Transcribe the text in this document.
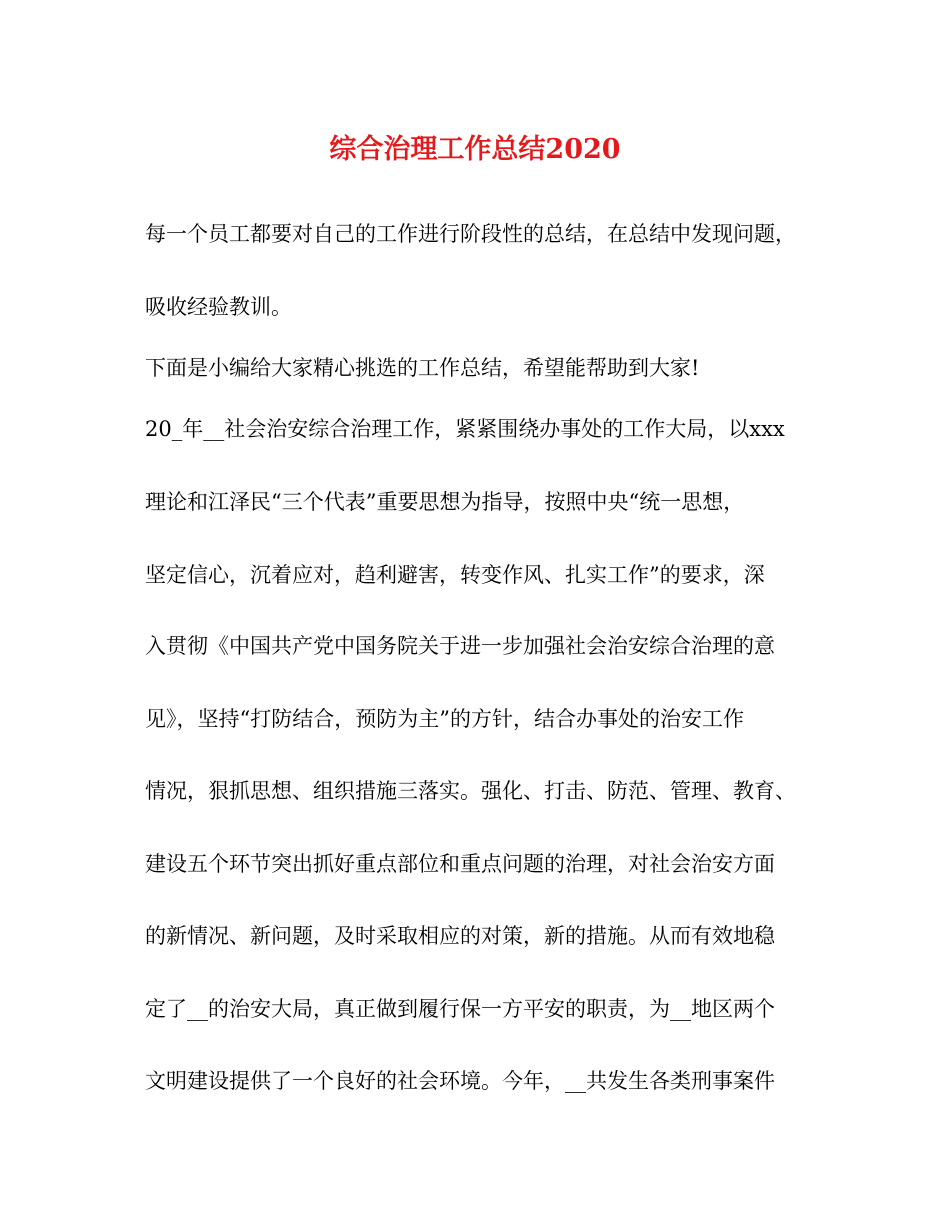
综合治理工作总结2020
每一个员工都要对自己的工作进行阶段性的总结，在总结中发现问题，
吸收经验教训。
下面是小编给大家精心挑选的工作总结，希望能帮助到大家!
20_年__社会治安综合治理工作，紧紧围绕办事处的工作大局，以xxx
理论和江泽民“三个代表”重要思想为指导，按照中央“统一思想，
坚定信心，沉着应对，趋利避害，转变作风、扎实工作”的要求，深
入贯彻《中国共产党中国务院关于进一步加强社会治安综合治理的意
见》，坚持“打防结合，预防为主”的方针，结合办事处的治安工作
情况，狠抓思想、组织措施三落实。强化、打击、防范、管理、教育、
建设五个环节突出抓好重点部位和重点问题的治理，对社会治安方面
的新情况、新问题，及时采取相应的对策，新的措施。从而有效地稳
定了__的治安大局，真正做到履行保一方平安的职责，为__地区两个
文明建设提供了一个良好的社会环境。今年，__共发生各类刑事案件
